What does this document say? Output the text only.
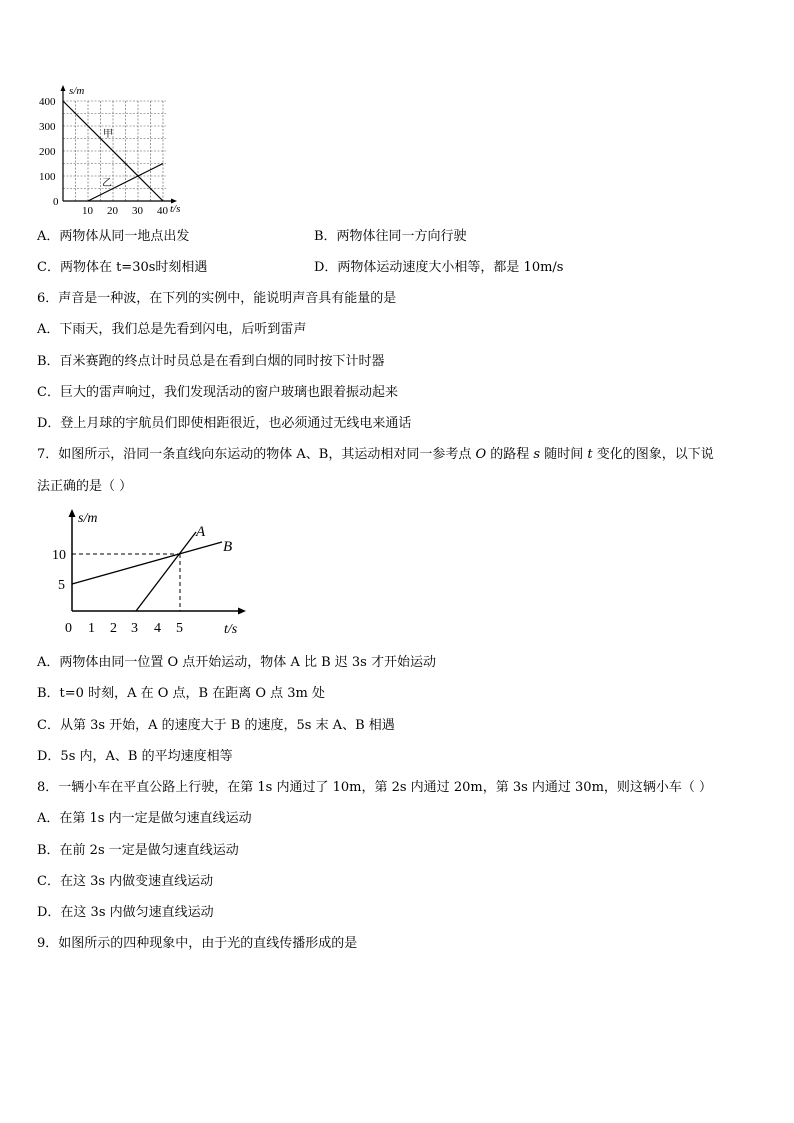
s/m
t/s
400
300
200
100
0
10 20 30 40
甲
乙
A．两物体从同一地点出发	B．两物体往同一方向行驶
C．两物体在 t=30s时刻相遇	D．两物体运动速度大小相等，都是 10m/s
6．声音是一种波，在下列的实例中，能说明声音具有能量的是
A．下雨天，我们总是先看到闪电，后听到雷声
B．百米赛跑的终点计时员总是在看到白烟的同时按下计时器
C．巨大的雷声响过，我们发现活动的窗户玻璃也跟着振动起来
D．登上月球的宇航员们即使相距很近，也必须通过无线电来通话
7．如图所示，沿同一条直线向东运动的物体 A、B，其运动相对同一参考点 O 的路程 s 随时间 t 变化的图象，以下说
法正确的是（ ）
s/m
t/s
10
5
0 1 2 3 4 5
A
B
A．两物体由同一位置 O 点开始运动，物体 A 比 B 迟 3s 才开始运动
B．t=0 时刻，A 在 O 点，B 在距离 O 点 3m 处
C．从第 3s 开始，A 的速度大于 B 的速度，5s 末 A、B 相遇
D．5s 内，A、B 的平均速度相等
8．一辆小车在平直公路上行驶，在第 1s 内通过了 10m，第 2s 内通过 20m，第 3s 内通过 30m，则这辆小车（ ）
A．在第 1s 内一定是做匀速直线运动
B．在前 2s 一定是做匀速直线运动
C．在这 3s 内做变速直线运动
D．在这 3s 内做匀速直线运动
9．如图所示的四种现象中，由于光的直线传播形成的是
